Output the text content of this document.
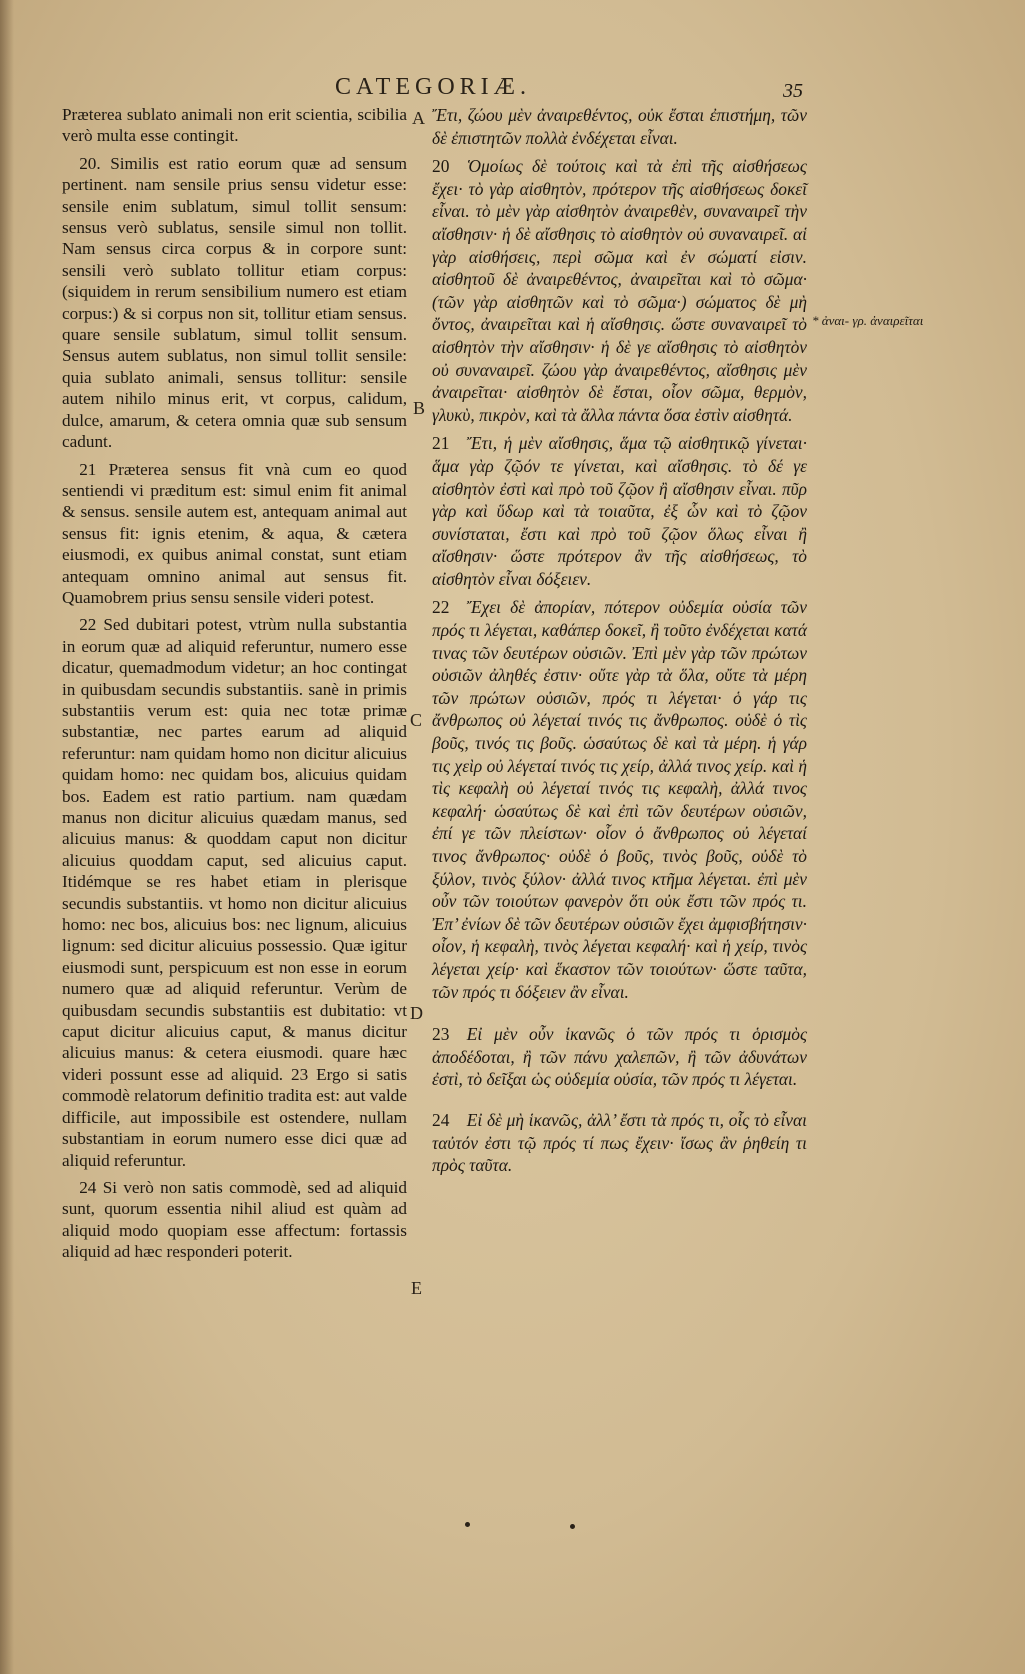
CATEGORIÆ.	35

Præterea sublato animali non erit scientia, scibilia verò multa esse contingit.

 20. Similis est ratio eorum quæ ad sensum pertinent. nam sensile prius sensu videtur esse: sensile enim sublatum, simul tollit sensum: sensus verò sublatus, sensile simul non tollit. Nam sensus circa corpus & in corpore sunt: sensili verò sublato tollitur etiam corpus: (siquidem in rerum sensibilium numero est etiam corpus:) & si corpus non sit, tollitur etiam sensus. quare sensile sublatum, simul tollit sensum. Sensus autem sublatus, non simul tollit sensile: quia sublato animali, sensus tollitur: sensile autem nihilo minus erit, vt corpus, calidum, dulce, amarum, & cetera omnia quæ sub sensum cadunt.

 21 Præterea sensus fit vnà cum eo quod sentiendi vi præditum est: simul enim fit animal & sensus. sensile autem est, antequam animal aut sensus fit: ignis etenim, & aqua, & cætera eiusmodi, ex quibus animal constat, sunt etiam antequam omnino animal aut sensus fit. Quamobrem prius sensu sensile videri potest.

 22 Sed dubitari potest, vtrùm nulla substantia in eorum quæ ad aliquid referuntur, numero esse dicatur, quemadmodum videtur; an hoc contingat in quibusdam secundis substantiis. sanè in primis substantiis verum est: quia nec totæ primæ substantiæ, nec partes earum ad aliquid referuntur: nam quidam homo non dicitur alicuius quidam homo: nec quidam bos, alicuius quidam bos. Eadem est ratio partium. nam quædam manus non dicitur alicuius quædam manus, sed alicuius manus: & quoddam caput non dicitur alicuius quoddam caput, sed alicuius caput. Itidémque se res habet etiam in plerisque secundis substantiis. vt homo non dicitur alicuius homo: nec bos, alicuius bos: nec lignum, alicuius lignum: sed dicitur alicuius possessio. Quæ igitur eiusmodi sunt, perspicuum est non esse in eorum numero quæ ad aliquid referuntur. Verùm de quibusdam secundis substantiis est dubitatio: vt caput dicitur alicuius caput, & manus dicitur alicuius manus: & cetera eiusmodi. quare hæc videri possunt esse ad aliquid. 23 Ergo si satis commodè relatorum definitio tradita est: aut valde difficile, aut impossibile est ostendere, nullam substantiam in eorum numero esse dici quæ ad aliquid referuntur.

 24 Si verò non satis commodè, sed ad aliquid sunt, quorum essentia nihil aliud est quàm ad aliquid modo quopiam esse affectum: fortassis aliquid ad hæc responderi poterit.

Ἔτι, ζώου μὲν ἀναιρεθέντος, οὐκ ἔσται ἐπιστήμη, τῶν δὲ ἐπιστητῶν πολλὰ ἐνδέχεται εἶναι.

20  Ὁμοίως δὲ τούτοις καὶ τὰ ἐπὶ τῆς αἰσθήσεως ἔχει· τὸ γὰρ αἰσθητὸν, πρότερον τῆς αἰσθήσεως δοκεῖ εἶναι. τὸ μὲν γὰρ αἰσθητὸν ἀναιρεθὲν, συναναιρεῖ τὴν αἴσθησιν· ἡ δὲ αἴσθησις τὸ αἰσθητὸν οὐ συναναιρεῖ. αἱ γὰρ αἰσθήσεις, περὶ σῶμα καὶ ἐν σώματί εἰσιν. αἰσθητοῦ δὲ ἀναιρεθέντος, ἀναιρεῖται καὶ τὸ σῶμα· (τῶν γὰρ αἰσθητῶν καὶ τὸ σῶμα·) σώματος δὲ μὴ ὄντος, ἀναιρεῖται καὶ ἡ αἴσθησις. ὥστε συναναιρεῖ τὸ αἰσθητὸν τὴν αἴσθησιν· ἡ δὲ γε αἴσθησις τὸ αἰσθητὸν οὐ συναναιρεῖ. ζώου γὰρ ἀναιρεθέντος, αἴσθησις μὲν ἀναιρεῖται· αἰσθητὸν δὲ ἔσται, οἷον σῶμα, θερμὸν, γλυκὺ, πικρὸν, καὶ τὰ ἄλλα πάντα ὅσα ἐστὶν αἰσθητά.

21  Ἔτι, ἡ μὲν αἴσθησις, ἅμα τῷ αἰσθητικῷ γίνεται· ἅμα γὰρ ζῷόν τε γίνεται, καὶ αἴσθησις. τὸ δέ γε αἰσθητὸν ἐστὶ καὶ πρὸ τοῦ ζῷον ἢ αἴσθησιν εἶναι. πῦρ γὰρ καὶ ὕδωρ καὶ τὰ τοιαῦτα, ἐξ ὧν καὶ τὸ ζῷον συνίσταται, ἔστι καὶ πρὸ τοῦ ζῷον ὅλως εἶναι ἢ αἴσθησιν· ὥστε πρότερον ἂν τῆς αἰσθήσεως, τὸ αἰσθητὸν εἶναι δόξειεν.

22  Ἔχει δὲ ἀπορίαν, πότερον οὐδεμία οὐσία τῶν πρός τι λέγεται, καθάπερ δοκεῖ, ἢ τοῦτο ἐνδέχεται κατά τινας τῶν δευτέρων οὐσιῶν. Ἐπὶ μὲν γὰρ τῶν πρώτων οὐσιῶν ἀληθές ἐστιν· οὔτε γὰρ τὰ ὅλα, οὔτε τὰ μέρη τῶν πρώτων οὐσιῶν, πρός τι λέγεται· ὁ γάρ τις ἄνθρωπος οὐ λέγεταί τινός τις ἄνθρωπος. οὐδὲ ὁ τὶς βοῦς, τινός τις βοῦς. ὡσαύτως δὲ καὶ τὰ μέρη. ἡ γάρ τις χεὶρ οὐ λέγεταί τινός τις χείρ, ἀλλά τινος χείρ. καὶ ἡ τὶς κεφαλὴ οὐ λέγεταί τινός τις κεφαλὴ, ἀλλά τινος κεφαλή· ὡσαύτως δὲ καὶ ἐπὶ τῶν δευτέρων οὐσιῶν, ἐπί γε τῶν πλείστων· οἷον ὁ ἄνθρωπος οὐ λέγεταί τινος ἄνθρωπος· οὐδὲ ὁ βοῦς, τινὸς βοῦς, οὐδὲ τὸ ξύλον, τινὸς ξύλον· ἀλλά τινος κτῆμα λέγεται. ἐπὶ μὲν οὖν τῶν τοιούτων φανερὸν ὅτι οὐκ ἔστι τῶν πρός τι. Ἐπ’ ἐνίων δὲ τῶν δευτέρων οὐσιῶν ἔχει ἀμφισβήτησιν· οἷον, ἡ κεφαλὴ, τινὸς λέγεται κεφαλή· καὶ ἡ χείρ, τινὸς λέγεται χείρ· καὶ ἕκαστον τῶν τοιούτων· ὥστε ταῦτα, τῶν πρός τι δόξειεν ἂν εἶναι.

23  Εἰ μὲν οὖν ἱκανῶς ὁ τῶν πρός τι ὁρισμὸς ἀποδέδοται, ἢ τῶν πάνυ χαλεπῶν, ἢ τῶν ἀδυνάτων ἐστὶ, τὸ δεῖξαι ὡς οὐδεμία οὐσία, τῶν πρός τι λέγεται.

24  Εἰ δὲ μὴ ἱκανῶς, ἀλλ’ ἔστι τὰ πρός τι, οἷς τὸ εἶναι ταὐτόν ἐστι τῷ πρός τί πως ἔχειν· ἴσως ἂν ῥηθείη τι πρὸς ταῦτα.

A
B
C
D
E
* ἀναι- γρ. ἀναιρεῖται
